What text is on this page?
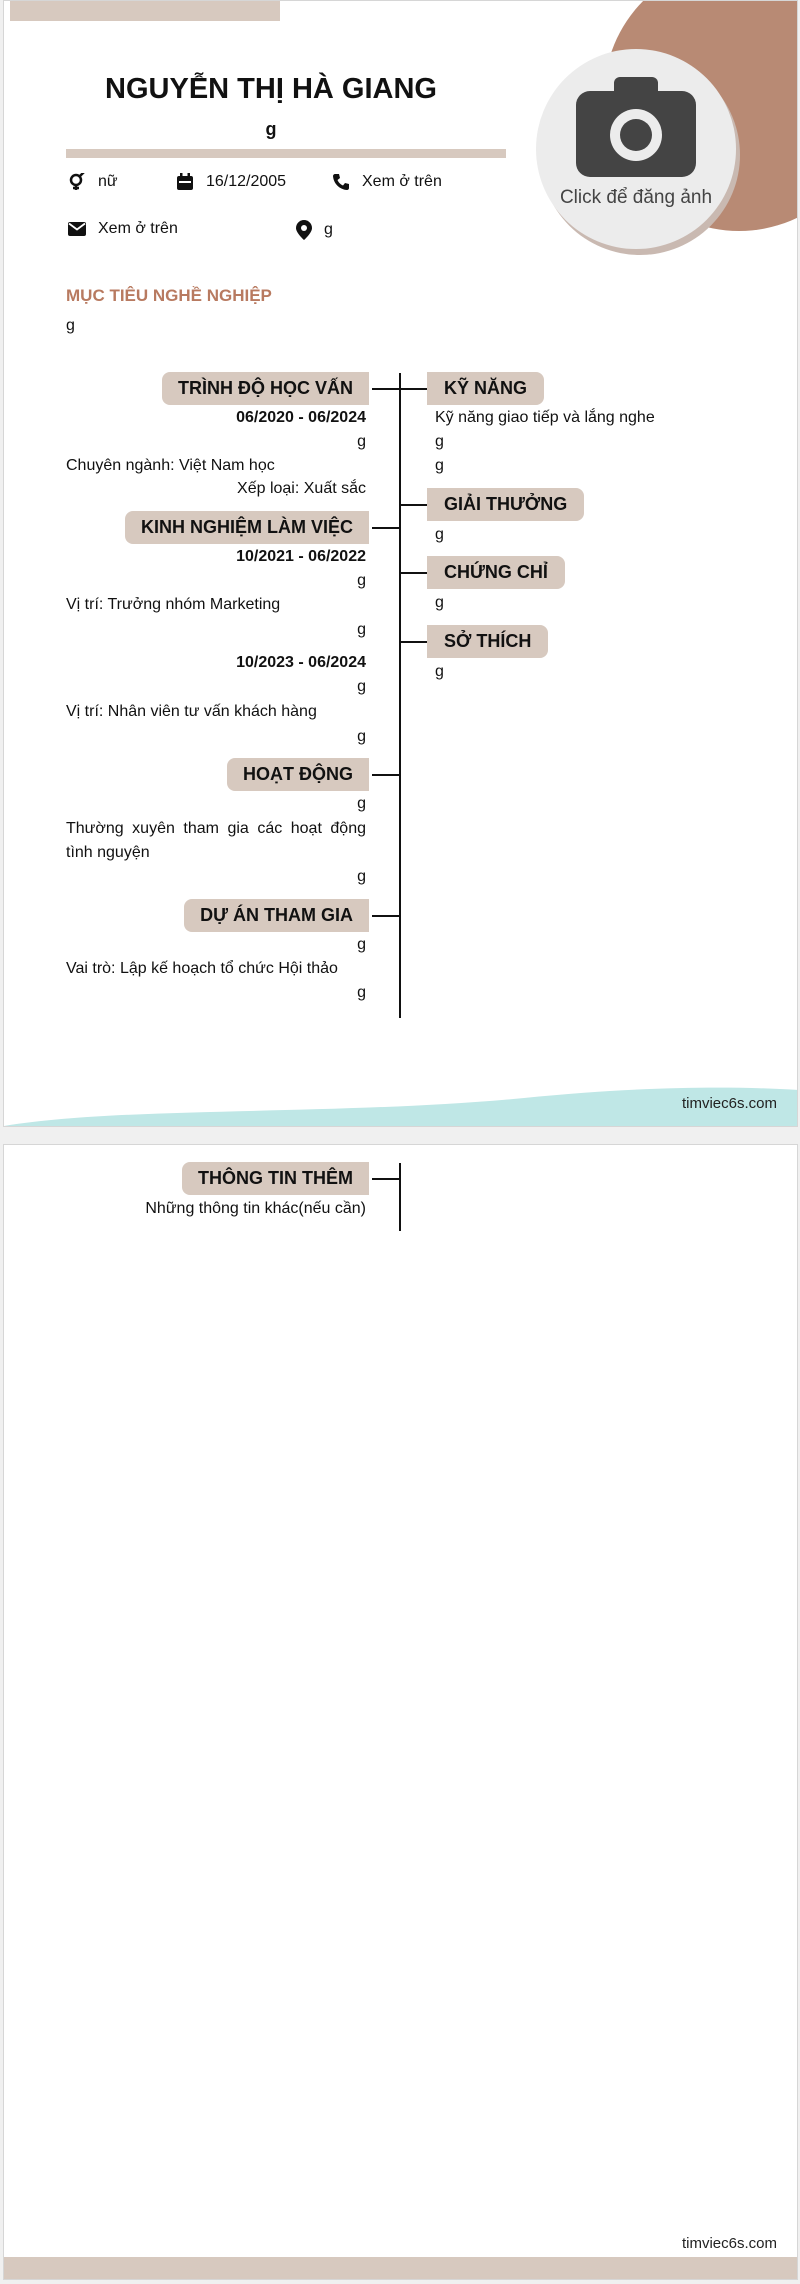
Click để đăng ảnh
NGUYỄN THỊ HÀ GIANG
g
nữ	16/12/2005	Xem ở trên
Xem ở trên	g
MỤC TIÊU NGHỀ NGHIỆP
g
TRÌNH ĐỘ HỌC VẤN
06/2020 - 06/2024
g
Chuyên ngành: Việt Nam học
Xếp loại: Xuất sắc
KINH NGHIỆM LÀM VIỆC
10/2021 - 06/2022
g
Vị trí: Trưởng nhóm Marketing
g
10/2023 - 06/2024
g
Vị trí: Nhân viên tư vấn khách hàng
g
HOẠT ĐỘNG
g
Thường xuyên tham gia các hoạt động tình nguyện
g
DỰ ÁN THAM GIA
g
Vai trò: Lập kế hoạch tổ chức Hội thảo
g
KỸ NĂNG
Kỹ năng giao tiếp và lắng nghe
g
g
GIẢI THƯỞNG
g
CHỨNG CHỈ
g
SỞ THÍCH
g
timviec6s.com
THÔNG TIN THÊM
Những thông tin khác(nếu cần)
timviec6s.com
